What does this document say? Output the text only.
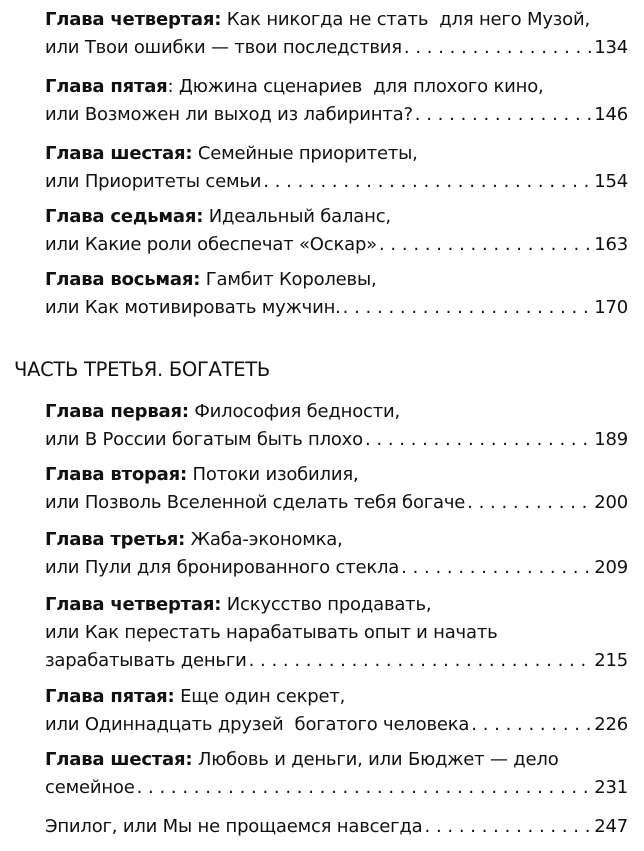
Глава четвертая: Как никогда не стать  для него Музой,
или Твои ошибки — твои последствия . . .	134
Глава пятая : Дюжина сценариев  для плохого кино,
или Возможен ли выход из лабиринта? . . .	146
Глава шестая: Семейные приоритеты,
или Приоритеты семьи . . .	154
Глава седьмая: Идеальный баланс,
или Какие роли обеспечат «Оскар» . . .	163
Глава восьмая: Гамбит Королевы,
или Как мотивировать мужчин. . . .	170
ЧАСТЬ ТРЕТЬЯ. БОГАТЕТЬ
Глава первая: Философия бедности,
или В России богатым быть плохо . . .	189
Глава вторая: Потоки изобилия,
или Позволь Вселенной сделать тебя богаче . . .	200
Глава третья: Жаба-экономка,
или Пули для бронированного стекла . . .	209
Глава четвертая: Искусство продавать,
или Как перестать нарабатывать опыт и начать
зарабатывать деньги . . .	215
Глава пятая: Еще один секрет,
или Одиннадцать друзей  богатого человека . . .	226
Глава шестая: Любовь и деньги, или Бюджет — дело
семейное . . .	231
Эпилог, или Мы не прощаемся навсегда . . .	247
